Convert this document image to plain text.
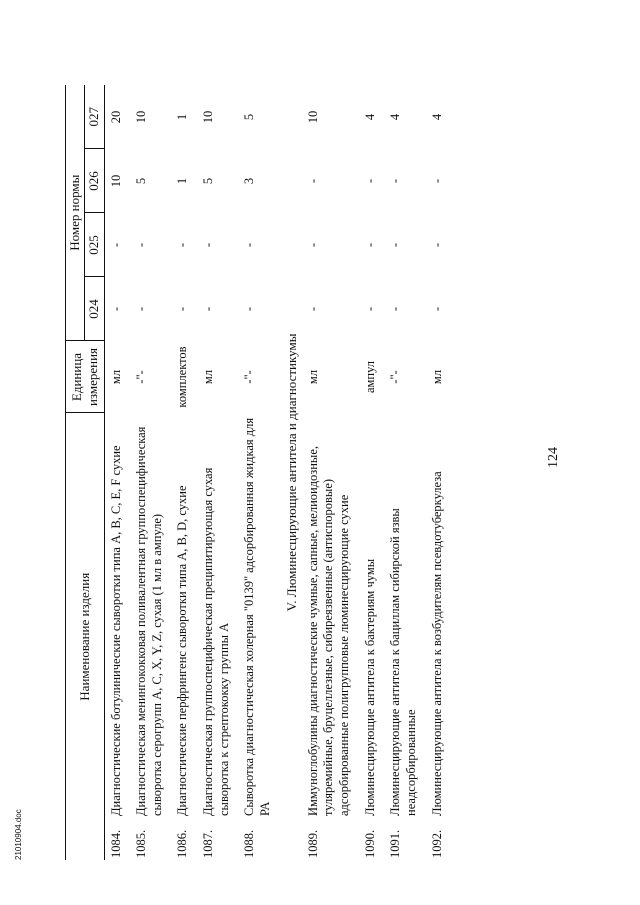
21010904.doc
124
Наименование изделия		Единица измерения	Номер нормы			
			024	025	026	027
1084.	Диагностические ботулинические сыворотки типа A, B, C, E, F сухие	мл	-	-	10	20
1085.	Диагностическая менингококковая поливалентная группоспецифическая сыворотка серогрупп A, C, X, Y, Z, сухая (1 мл в ампуле)	-"-	-	-	5	10
1086.	Диагностические перфрингенс сыворотки типа A, B, D, сухие	комплектов	-	-	1	1
1087.	Диагностическая группоспецифическая преципитирующая сухая сыворотка к стрептококку группы A	мл	-	-	5	10
1088.	Сыворотка диагностическая холерная "0139" адсорбированная жидкая для РА	-"-	-	-	3	5
V. Люминесцирующие антитела и диагностикумы						
1089.	Иммуноглобулины диагностические чумные, сапные, мелиоидозные, туляремийные, бруцеллезные, сибиреязвенные (антиспоровые) адсорбированные полигрупповые люминесцирующие сухие	мл	-	-	-	10
1090.	Люминесцирующие антитела к бактериям чумы	ампул	-	-	-	4
1091.	Люминесцирующие антитела к бациллам сибирской язвы неадсорбированные	-"-	-	-	-	4
1092.	Люминесцирующие антитела к возбудителям псевдотуберкулеза	мл	-	-	-	4
